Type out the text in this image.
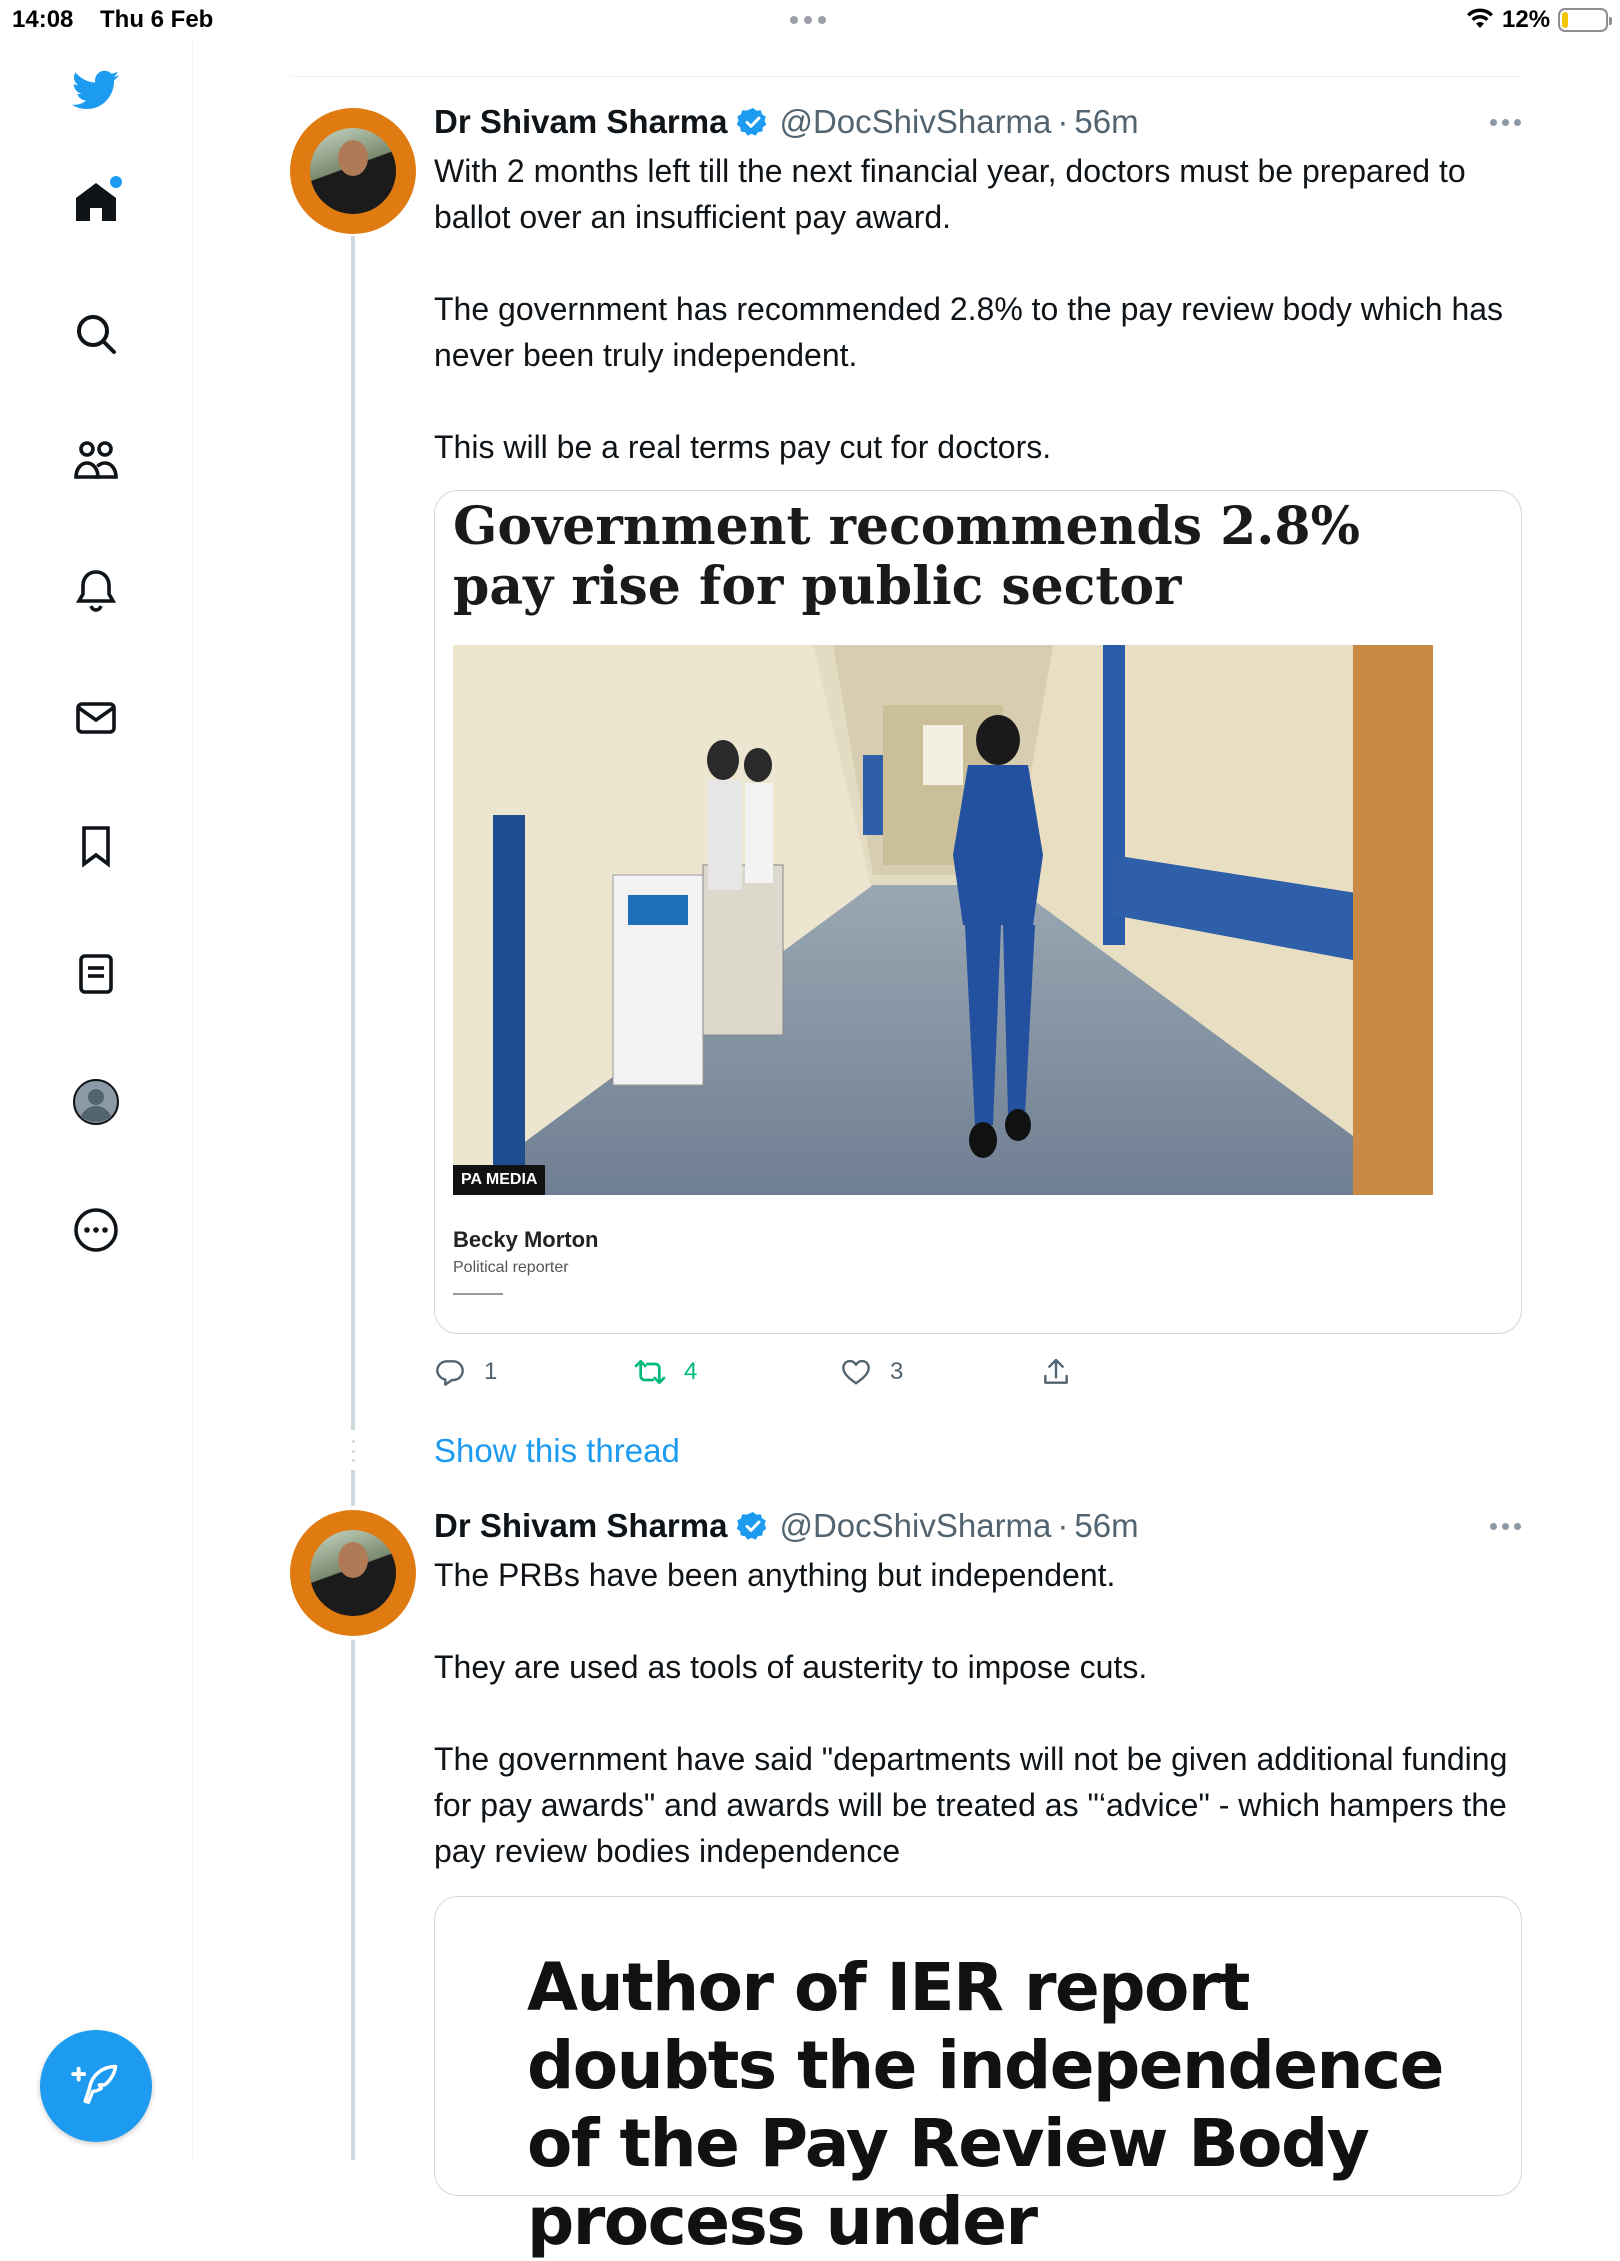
14:08 Thu 6 Feb	12%
Dr Shivam Sharma @DocShivSharma · 56m

With 2 months left till the next financial year, doctors must be prepared to ballot over an insufficient pay award.

The government has recommended 2.8% to the pay review body which has never been truly independent.

This will be a real terms pay cut for doctors.

Government recommends 2.8% pay rise for public sector
PA MEDIA
Becky Morton
Political reporter
1	4	3
Show this thread
Dr Shivam Sharma @DocShivSharma · 56m

The PRBs have been anything but independent.

They are used as tools of austerity to impose cuts.

The government have said "departments will not be given additional funding for pay awards" and awards will be treated as "‘advice" - which hampers the pay review bodies independence

Author of IER report doubts the independence of the Pay Review Body process under
